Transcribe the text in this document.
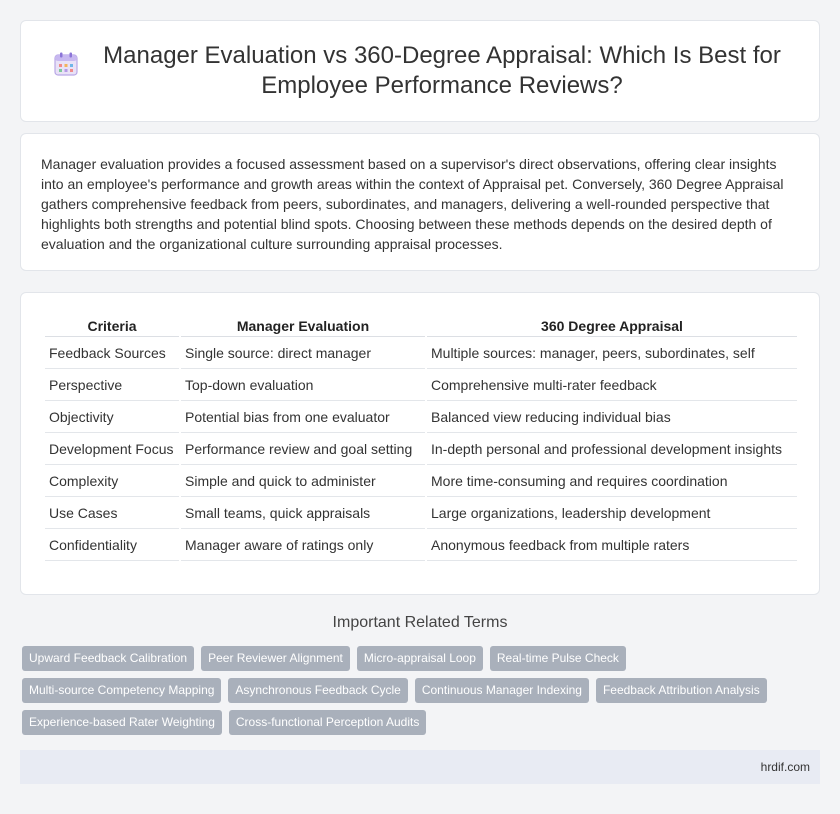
Manager Evaluation vs 360-Degree Appraisal: Which Is Best for Employee Performance Reviews?

Manager evaluation provides a focused assessment based on a supervisor's direct observations, offering clear insights into an employee's performance and growth areas within the context of Appraisal pet. Conversely, 360 Degree Appraisal gathers comprehensive feedback from peers, subordinates, and managers, delivering a well-rounded perspective that highlights both strengths and potential blind spots. Choosing between these methods depends on the desired depth of evaluation and the organizational culture surrounding appraisal processes.

Criteria	Manager Evaluation	360 Degree Appraisal
Feedback Sources	Single source: direct manager	Multiple sources: manager, peers, subordinates, self
Perspective	Top-down evaluation	Comprehensive multi-rater feedback
Objectivity	Potential bias from one evaluator	Balanced view reducing individual bias
Development Focus	Performance review and goal setting	In-depth personal and professional development insights
Complexity	Simple and quick to administer	More time-consuming and requires coordination
Use Cases	Small teams, quick appraisals	Large organizations, leadership development
Confidentiality	Manager aware of ratings only	Anonymous feedback from multiple raters
Important Related Terms
Upward Feedback Calibration	Peer Reviewer Alignment	Micro-appraisal Loop	Real-time Pulse Check
Multi-source Competency Mapping	Asynchronous Feedback Cycle	Continuous Manager Indexing	Feedback Attribution Analysis
Experience-based Rater Weighting	Cross-functional Perception Audits
hrdif.com
